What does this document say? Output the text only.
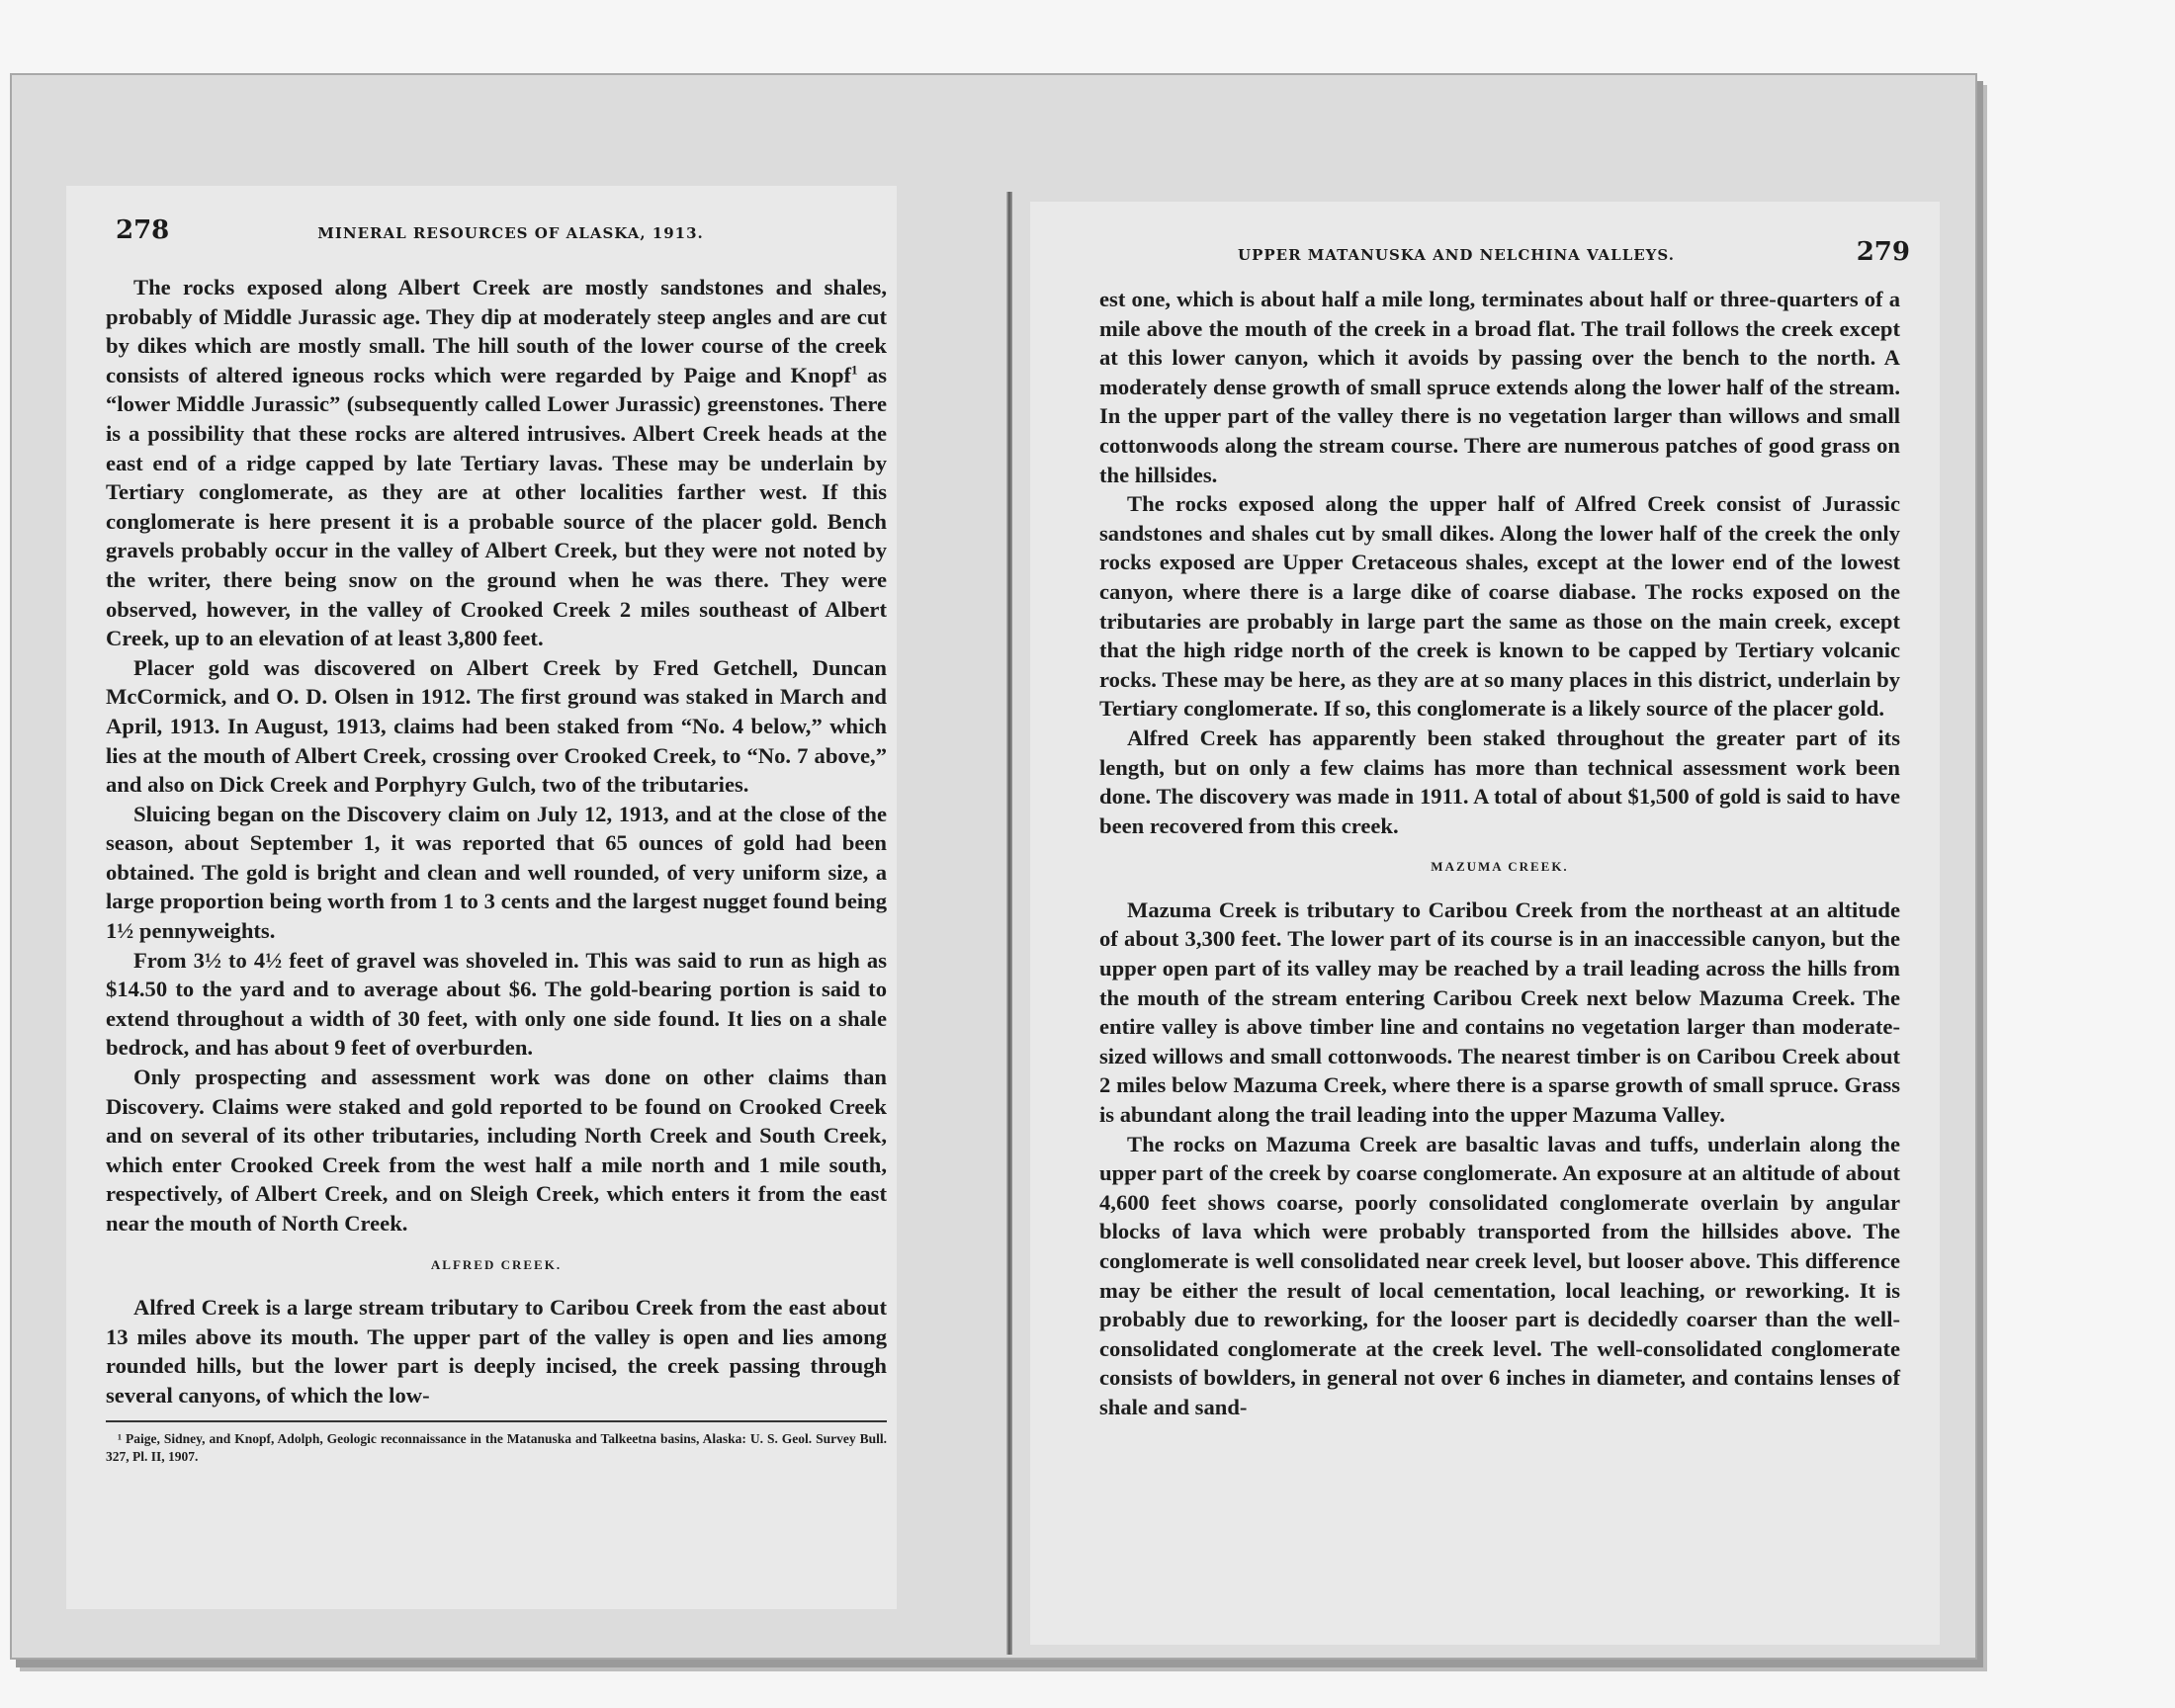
278	MINERAL RESOURCES OF ALASKA, 1913.

The rocks exposed along Albert Creek are mostly sandstones and shales, probably of Middle Jurassic age. They dip at moderately steep angles and are cut by dikes which are mostly small. The hill south of the lower course of the creek consists of altered igneous rocks which were regarded by Paige and Knopf$^1$ as “lower Middle Jurassic” (subsequently called Lower Jurassic) greenstones. There is a possibility that these rocks are altered intrusives. Albert Creek heads at the east end of a ridge capped by late Tertiary lavas. These may be underlain by Tertiary conglomerate, as they are at other localities farther west. If this conglomerate is here present it is a probable source of the placer gold. Bench gravels probably occur in the valley of Albert Creek, but they were not noted by the writer, there being snow on the ground when he was there. They were observed, however, in the valley of Crooked Creek 2 miles southeast of Albert Creek, up to an elevation of at least 3,800 feet.

Placer gold was discovered on Albert Creek by Fred Getchell, Duncan McCormick, and O. D. Olsen in 1912. The first ground was staked in March and April, 1913. In August, 1913, claims had been staked from “No. 4 below,” which lies at the mouth of Albert Creek, crossing over Crooked Creek, to “No. 7 above,” and also on Dick Creek and Porphyry Gulch, two of the tributaries.

Sluicing began on the Discovery claim on July 12, 1913, and at the close of the season, about September 1, it was reported that 65 ounces of gold had been obtained. The gold is bright and clean and well rounded, of very uniform size, a large proportion being worth from 1 to 3 cents and the largest nugget found being 1½ pennyweights.

From 3½ to 4½ feet of gravel was shoveled in. This was said to run as high as $14.50 to the yard and to average about $6. The gold-bearing portion is said to extend throughout a width of 30 feet, with only one side found. It lies on a shale bedrock, and has about 9 feet of overburden.

Only prospecting and assessment work was done on other claims than Discovery. Claims were staked and gold reported to be found on Crooked Creek and on several of its other tributaries, including North Creek and South Creek, which enter Crooked Creek from the west half a mile north and 1 mile south, respectively, of Albert Creek, and on Sleigh Creek, which enters it from the east near the mouth of North Creek.

ALFRED CREEK.

Alfred Creek is a large stream tributary to Caribou Creek from the east about 13 miles above its mouth. The upper part of the valley is open and lies among rounded hills, but the lower part is deeply incised, the creek passing through several canyons, of which the low-

¹ Paige, Sidney, and Knopf, Adolph, Geologic reconnaissance in the Matanuska and Talkeetna basins, Alaska: U. S. Geol. Survey Bull. 327, Pl. II, 1907.
UPPER MATANUSKA AND NELCHINA VALLEYS.	279

est one, which is about half a mile long, terminates about half or three-quarters of a mile above the mouth of the creek in a broad flat. The trail follows the creek except at this lower canyon, which it avoids by passing over the bench to the north. A moderately dense growth of small spruce extends along the lower half of the stream. In the upper part of the valley there is no vegetation larger than willows and small cottonwoods along the stream course. There are numerous patches of good grass on the hillsides.

The rocks exposed along the upper half of Alfred Creek consist of Jurassic sandstones and shales cut by small dikes. Along the lower half of the creek the only rocks exposed are Upper Cretaceous shales, except at the lower end of the lowest canyon, where there is a large dike of coarse diabase. The rocks exposed on the tributaries are probably in large part the same as those on the main creek, except that the high ridge north of the creek is known to be capped by Tertiary volcanic rocks. These may be here, as they are at so many places in this district, underlain by Tertiary conglomerate. If so, this conglomerate is a likely source of the placer gold.

Alfred Creek has apparently been staked throughout the greater part of its length, but on only a few claims has more than technical assessment work been done. The discovery was made in 1911. A total of about $1,500 of gold is said to have been recovered from this creek.

MAZUMA CREEK.

Mazuma Creek is tributary to Caribou Creek from the northeast at an altitude of about 3,300 feet. The lower part of its course is in an inaccessible canyon, but the upper open part of its valley may be reached by a trail leading across the hills from the mouth of the stream entering Caribou Creek next below Mazuma Creek. The entire valley is above timber line and contains no vegetation larger than moderate-sized willows and small cottonwoods. The nearest timber is on Caribou Creek about 2 miles below Mazuma Creek, where there is a sparse growth of small spruce. Grass is abundant along the trail leading into the upper Mazuma Valley.

The rocks on Mazuma Creek are basaltic lavas and tuffs, underlain along the upper part of the creek by coarse conglomerate. An exposure at an altitude of about 4,600 feet shows coarse, poorly consolidated conglomerate overlain by angular blocks of lava which were probably transported from the hillsides above. The conglomerate is well consolidated near creek level, but looser above. This difference may be either the result of local cementation, local leaching, or reworking. It is probably due to reworking, for the looser part is decidedly coarser than the well-consolidated conglomerate at the creek level. The well-consolidated conglomerate consists of bowlders, in general not over 6 inches in diameter, and contains lenses of shale and sand-
